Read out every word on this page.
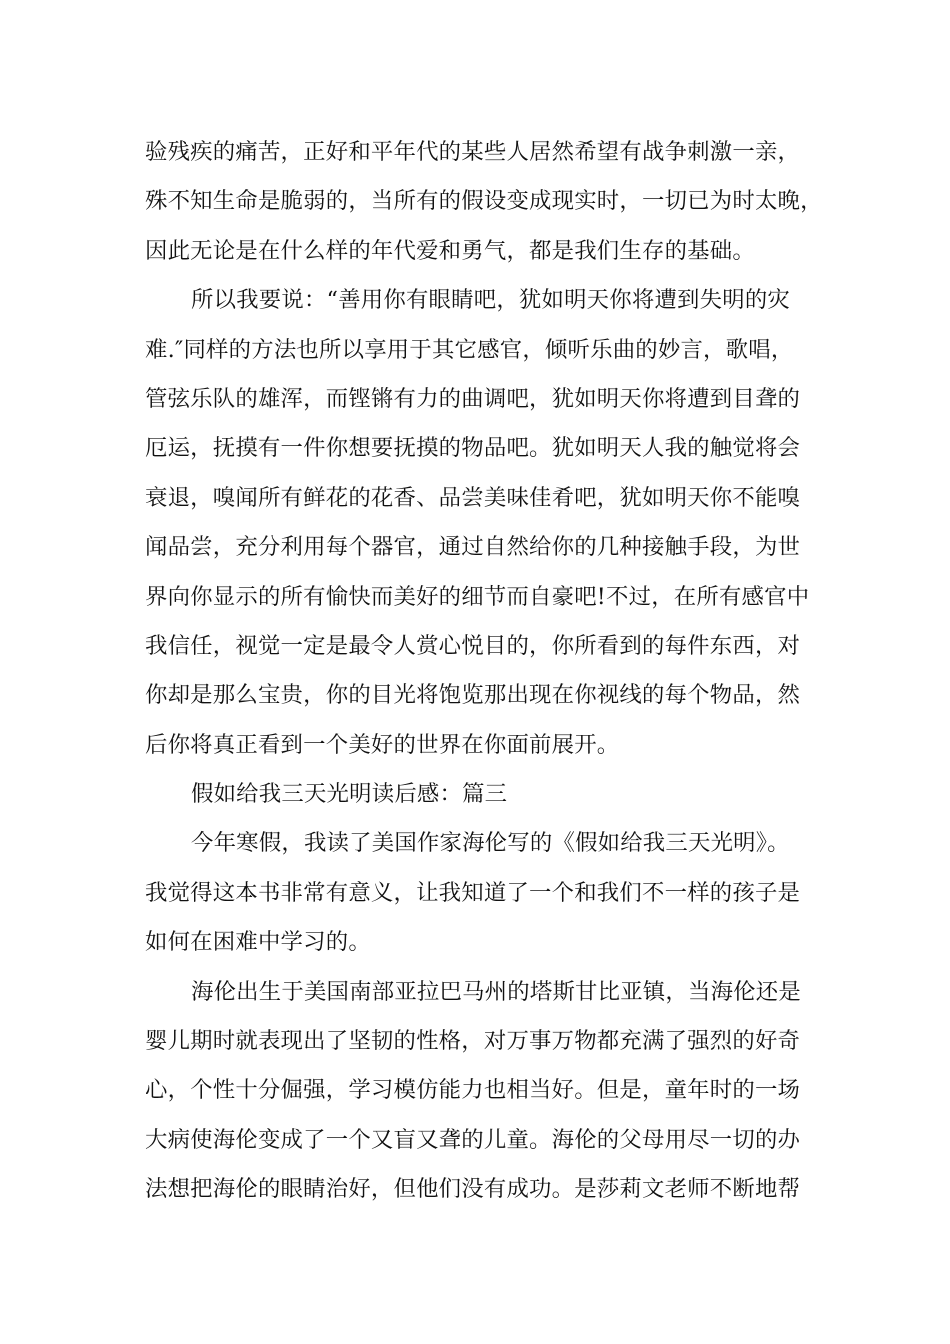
验残疾的痛苦，正好和平年代的某些人居然希望有战争刺激一亲，
殊不知生命是脆弱的，当所有的假设变成现实时，一切已为时太晚，
因此无论是在什么样的年代爱和勇气，都是我们生存的基础。
所以我要说：“善用你有眼睛吧，犹如明天你将遭到失明的灾
难.″同样的方法也所以享用于其它感官，倾听乐曲的妙言，歌唱，
管弦乐队的雄浑，而铿锵有力的曲调吧，犹如明天你将遭到目聋的
厄运，抚摸有一件你想要抚摸的物品吧。犹如明天人我的触觉将会
衰退，嗅闻所有鲜花的花香、品尝美味佳肴吧，犹如明天你不能嗅
闻品尝，充分利用每个器官，通过自然给你的几种接触手段，为世
界向你显示的所有愉快而美好的细节而自豪吧!不过，在所有感官中
我信任，视觉一定是最令人赏心悦目的，你所看到的每件东西，对
你却是那么宝贵，你的目光将饱览那出现在你视线的每个物品，然
后你将真正看到一个美好的世界在你面前展开。
假如给我三天光明读后感：篇三
今年寒假，我读了美国作家海伦写的《假如给我三天光明》。
我觉得这本书非常有意义，让我知道了一个和我们不一样的孩子是
如何在困难中学习的。
海伦出生于美国南部亚拉巴马州的塔斯甘比亚镇，当海伦还是
婴儿期时就表现出了坚韧的性格，对万事万物都充满了强烈的好奇
心，个性十分倔强，学习模仿能力也相当好。但是，童年时的一场
大病使海伦变成了一个又盲又聋的儿童。海伦的父母用尽一切的办
法想把海伦的眼睛治好，但他们没有成功。是莎莉文老师不断地帮
